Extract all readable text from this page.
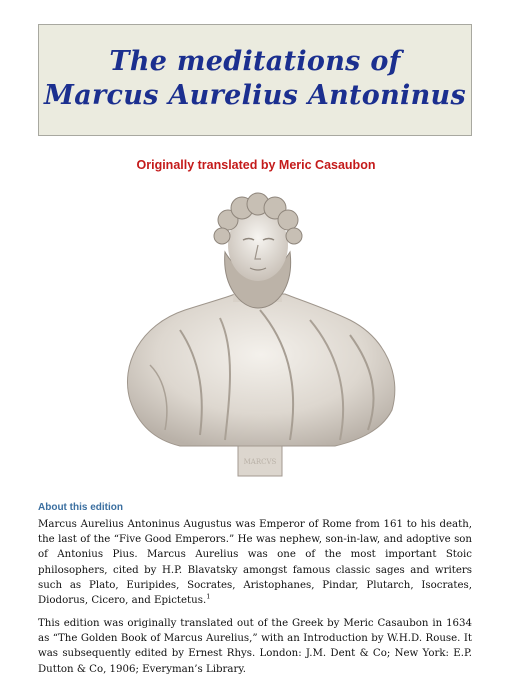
The meditations of
Marcus Aurelius Antoninus
Originally translated by Meric Casaubon
MARCVS
About this edition

Marcus Aurelius Antoninus Augustus was Emperor of Rome from 161 to his death, the last of the “Five Good Emperors.” He was nephew, son-in-law, and adoptive son of Antonius Pius. Marcus Aurelius was one of the most important Stoic philosophers, cited by H.P. Blavatsky amongst famous classic sages and writers such as Plato, Euripides, Socrates, Aristophanes, Pindar, Plutarch, Isocrates, Diodorus, Cicero, and Epictetus.$^1$

This edition was originally translated out of the Greek by Meric Casaubon in 1634 as “The Golden Book of Marcus Aurelius,” with an Introduction by W.H.D. Rouse. It was subsequently edited by Ernest Rhys. London: J.M. Dent & Co; New York: E.P. Dutton & Co, 1906; Everyman’s Library.
